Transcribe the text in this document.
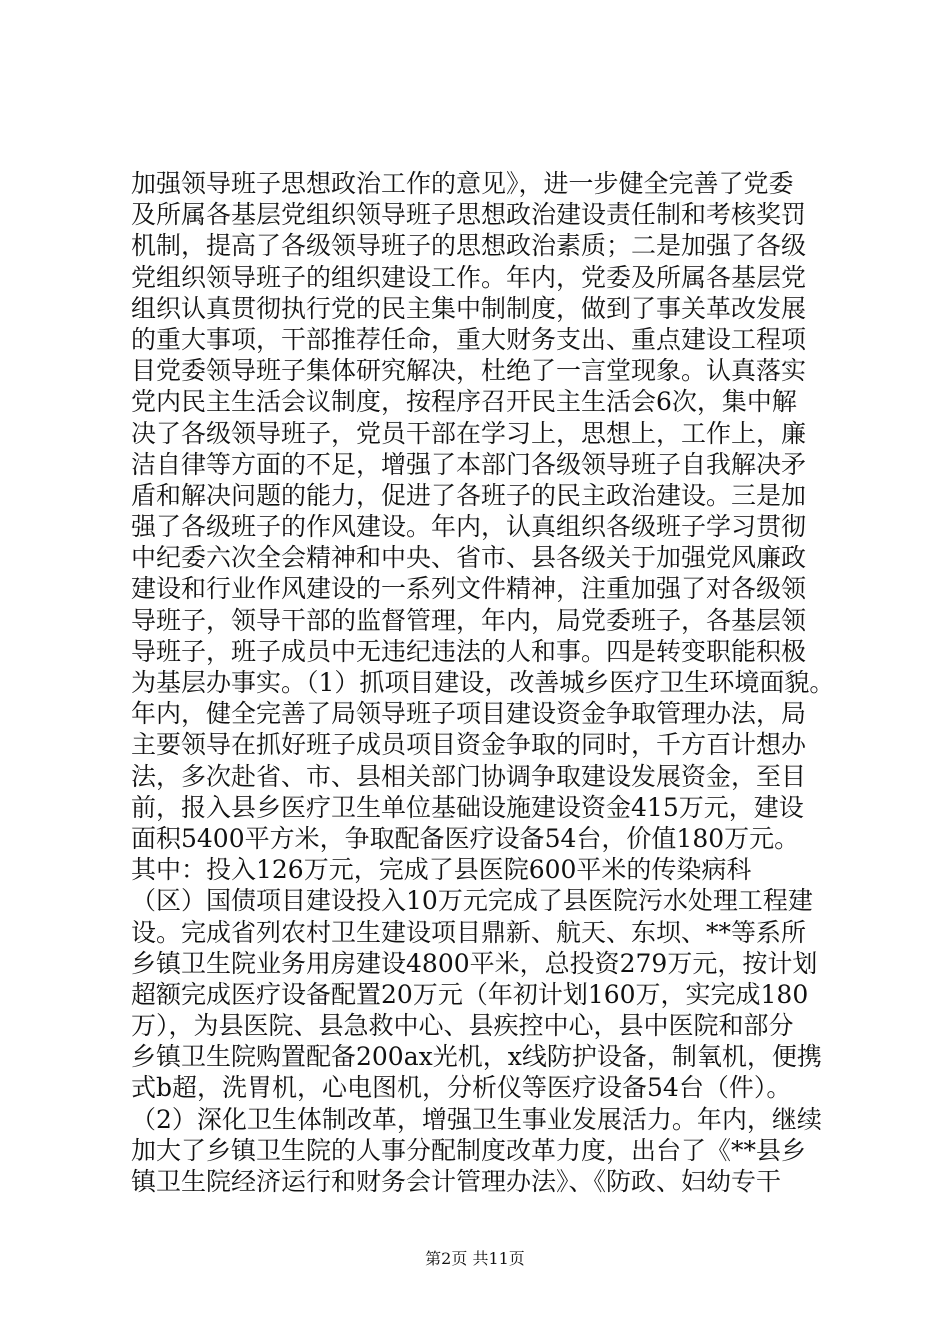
加强领导班子思想政治工作的意见》，进一步健全完善了党委
及所属各基层党组织领导班子思想政治建设责任制和考核奖罚
机制，提高了各级领导班子的思想政治素质；二是加强了各级
党组织领导班子的组织建设工作。年内，党委及所属各基层党
组织认真贯彻执行党的民主集中制制度，做到了事关革改发展
的重大事项，干部推荐任命，重大财务支出、重点建设工程项
目党委领导班子集体研究解决，杜绝了一言堂现象。认真落实
党内民主生活会议制度，按程序召开民主生活会6次，集中解
决了各级领导班子，党员干部在学习上，思想上，工作上，廉
洁自律等方面的不足，增强了本部门各级领导班子自我解决矛
盾和解决问题的能力，促进了各班子的民主政治建设。三是加
强了各级班子的作风建设。年内，认真组织各级班子学习贯彻
中纪委六次全会精神和中央、省市、县各级关于加强党风廉政
建设和行业作风建设的一系列文件精神，注重加强了对各级领
导班子，领导干部的监督管理，年内，局党委班子，各基层领
导班子，班子成员中无违纪违法的人和事。四是转变职能积极
为基层办事实。（1）抓项目建设，改善城乡医疗卫生环境面貌。
年内，健全完善了局领导班子项目建设资金争取管理办法，局
主要领导在抓好班子成员项目资金争取的同时，千方百计想办
法，多次赴省、市、县相关部门协调争取建设发展资金，至目
前，报入县乡医疗卫生单位基础设施建设资金415万元，建设
面积5400平方米，争取配备医疗设备54台，价值180万元。
其中：投入126万元，完成了县医院600平米的传染病科
（区）国债项目建设投入10万元完成了县医院污水处理工程建
设。完成省列农村卫生建设项目鼎新、航天、东坝、**等系所
乡镇卫生院业务用房建设4800平米，总投资279万元，按计划
超额完成医疗设备配置20万元（年初计划160万，实完成180
万），为县医院、县急救中心、县疾控中心，县中医院和部分
乡镇卫生院购置配备200ax光机，x线防护设备，制氧机，便携
式b超，洗胃机，心电图机，分析仪等医疗设备54台（件）。
（2）深化卫生体制改革，增强卫生事业发展活力。年内，继续
加大了乡镇卫生院的人事分配制度改革力度，出台了《**县乡
镇卫生院经济运行和财务会计管理办法》、《防政、妇幼专干
第2页 共11页
